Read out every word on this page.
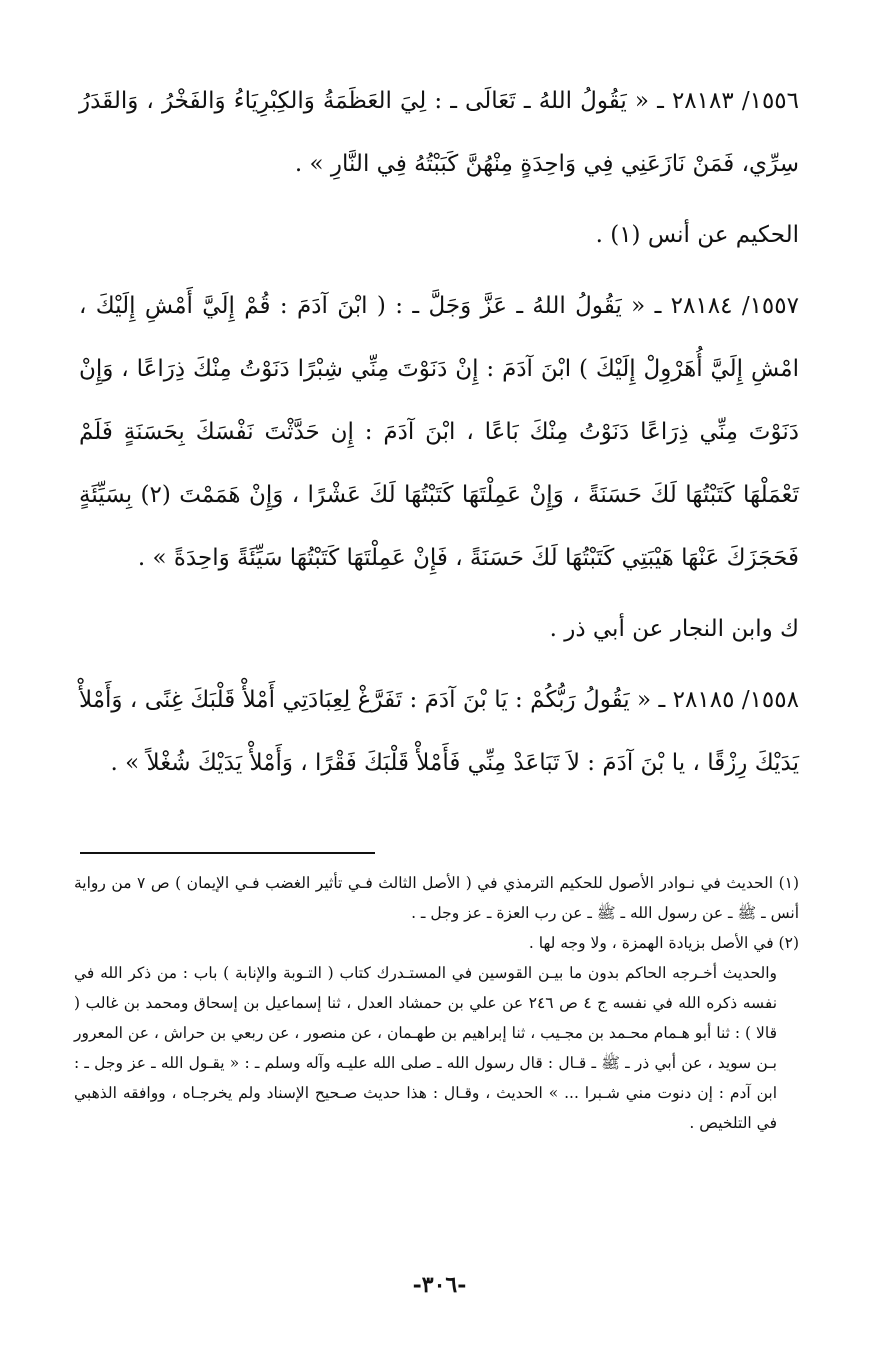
١٥٥٦/ ٢٨١٨٣ ـ « يَقُولُ اللهُ ـ تَعَالَى ـ : لِيَ العَظَمَةُ وَالكِبْرِيَاءُ وَالفَخْرُ ، وَالقَدَرُ سِرِّي، فَمَنْ نَازَعَنِي فِي وَاحِدَةٍ مِنْهُنَّ كَبَبْتُهُ فِي النَّارِ » .

الحكيم عن أنس (١) .

١٥٥٧/ ٢٨١٨٤ ـ « يَقُولُ اللهُ ـ عَزَّ وَجَلَّ ـ : ( ابْنَ آدَمَ : قُمْ إِلَيَّ أَمْشِ إِلَيْكَ ، امْشِ إِلَيَّ أُهَرْوِلْ إِلَيْكَ ) ابْنَ آدَمَ : إِنْ دَنَوْتَ مِنِّي شِبْرًا دَنَوْتُ مِنْكَ ذِرَاعًا ، وَإِنْ دَنَوْتَ مِنِّي ذِرَاعًا دَنَوْتُ مِنْكَ بَاعًا ، ابْنَ آدَمَ : إِن حَدَّثْتَ نَفْسَكَ بِحَسَنَةٍ فَلَمْ تَعْمَلْهَا كَتَبْتُهَا لَكَ حَسَنَةً ، وَإِنْ عَمِلْتَهَا كَتَبْتُهَا لَكَ عَشْرًا ، وَإِنْ هَمَمْتَ (٢) بِسَيِّئَةٍ فَحَجَزَكَ عَنْهَا هَيْبَتِي كَتَبْتُهَا لَكَ حَسَنَةً ، فَإِنْ عَمِلْتَهَا كَتَبْتُهَا سَيِّئَةً وَاحِدَةً » .

ك وابن النجار عن أبي ذر .

١٥٥٨/ ٢٨١٨٥ ـ « يَقُولُ رَبُّكُمْ : يَا بْنَ آدَمَ : تَفَرَّغْ لِعِبَادَتِي أَمْلأْ قَلْبَكَ غِنًى ، وَأَمْلأْ يَدَيْكَ رِزْقًا ، يا بْنَ آدَمَ : لاَ تَبَاعَدْ مِنِّي فَأَمْلأْ قَلْبَكَ فَقْرًا ، وَأَمْلأْ يَدَيْكَ شُغْلاً » .

(١) الحديث في نـوادر الأصول للحكيم الترمذي في ( الأصل الثالث فـي تأثير الغضب فـي الإيمان ) ص ٧ من رواية أنس ـ ﷺ ـ عن رسول الله ـ ﷺ ـ عن رب العزة ـ عز وجل ـ .

(٢) في الأصل بزيادة الهمزة ، ولا وجه لها .

والحديث أخـرجه الحاكم بدون ما بيـن القوسين في المستـدرك كتاب ( التـوبة والإنابة ) باب : من ذكر الله في نفسه ذكره الله في نفسه ج ٤ ص ٢٤٦ عن علي بن حمشاد العدل ، ثنا إسماعيل بن إسحاق ومحمد بن غالب ( قالا ) : ثنا أبو هـمام محـمد بن مجـيب ، ثنا إبراهيم بن طهـمان ، عن منصور ، عن ربعي بن حراش ، عن المعرور بـن سويد ، عن أبي ذر ـ ﷺ ـ قـال : قال رسول الله ـ صلى الله عليـه وآله وسلم ـ : « يقـول الله ـ عز وجل ـ : ابن آدم : إن دنوت مني شـبرا ... » الحديث ، وقـال : هذا حديث صـحيح الإسناد ولم يخرجـاه ، ووافقه الذهبي في التلخيص .

-٣٠٦-
